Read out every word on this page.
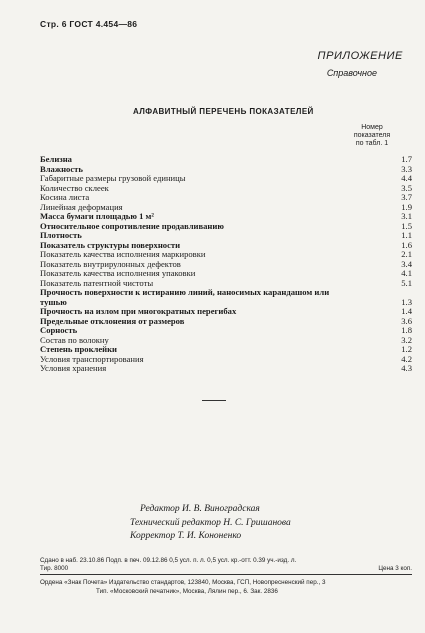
Стр. 6 ГОСТ 4.454—86
ПРИЛОЖЕНИЕ
Справочное
АЛФАВИТНЫЙ ПЕРЕЧЕНЬ ПОКАЗАТЕЛЕЙ
Номер
показателя
по табл. 1
Белизна	1.7
Влажность	3.3
Габаритные размеры грузовой единицы	4.4
Количество склеек	3.5
Косина листа	3.7
Линейная деформация	1.9
Масса бумаги площадью 1 м²	3.1
Относительное сопротивление продавливанию	1.5
Плотность	1.1
Показатель структуры поверхности	1.6
Показатель качества исполнения маркировки	2.1
Показатель внутрирулонных дефектов	3.4
Показатель качества исполнения упаковки	4.1
Показатель патентной чистоты	5.1
Прочность поверхности к истиранию линий, наносимых карандашом или тушью	1.3
Прочность на излом при многократных перегибах	1.4
Предельные отклонения от размеров	3.6
Сорность	1.8
Состав по волокну	3.2
Степень проклейки	1.2
Условия транспортирования	4.2
Условия хранения	4.3
Редактор И. В. Виноградская
Технический редактор Н. С. Гришанова
Корректор Т. И. Кононенко
Сдано в наб. 23.10.86 Подп. в печ. 09.12.86 0,5 усл. п. л. 0,5 усл. кр.-отт. 0.39 уч.-изд. л.
Тир. 8000	Цена 3 коп.
Ордена «Знак Почета» Издательство стандартов, 123840, Москва, ГСП, Новопресненский пер., 3
Тип. «Московский печатник», Москва, Лялин пер., 6. Зак. 2836
